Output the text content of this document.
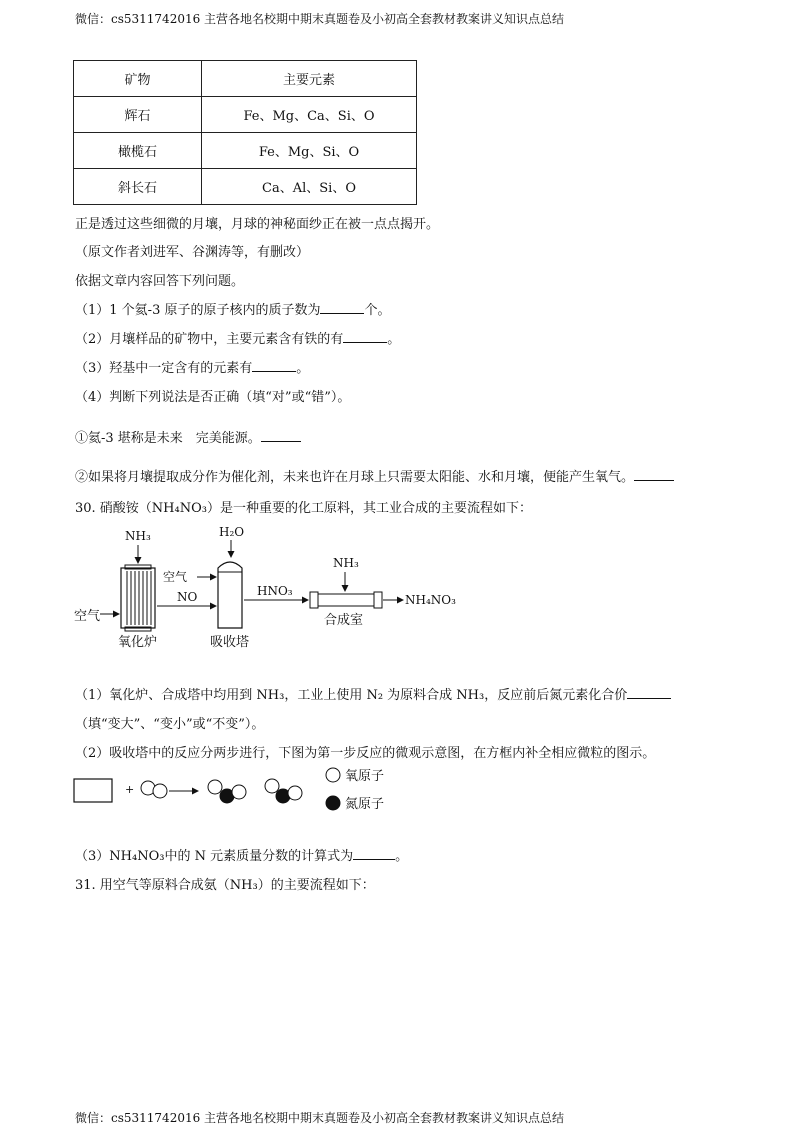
微信：cs5311742016 主营各地名校期中期末真题卷及小初高全套教材教案讲义知识点总结
矿物	主要元素
辉石	Fe、Mg、Ca、Si、O
橄榄石	Fe、Mg、Si、O
斜长石	Ca、Al、Si、O
正是透过这些细微的月壤，月球的神秘面纱正在被一点点揭开。
（原文作者刘进军、谷渊涛等，有删改）
依据文章内容回答下列问题。
（1）1 个氦-3 原子的原子核内的质子数为	个。
（2）月壤样品的矿物中，主要元素含有铁的有	。
（3）羟基中一定含有的元素有	。
（4）判断下列说法是否正确（填“对”或“错”）。
①氦-3 堪称是未来　完美能源。
②如果将月壤提取成分作为催化剂，未来也许在月球上只需要太阳能、水和月壤，便能产生氧气。
30. 硝酸铵（NH₄NO₃）是一种重要的化工原料，其工业合成的主要流程如下：
NH₃	H₂O
空气
NO	HNO₃
NH₃
NH₄NO₃
空气
氧化炉	吸收塔
合成室
+
氧原子
氮原子
（1）氧化炉、合成塔中均用到 NH₃，工业上使用 N₂ 为原料合成 NH₃，反应前后氮元素化合价
（填“变大”、“变小”或“不变”）。
（2）吸收塔中的反应分两步进行，下图为第一步反应的微观示意图，在方框内补全相应微粒的图示。
（3）NH₄NO₃中的 N 元素质量分数的计算式为	。
31. 用空气等原料合成氨（NH₃）的主要流程如下：
微信：cs5311742016 主营各地名校期中期末真题卷及小初高全套教材教案讲义知识点总结
